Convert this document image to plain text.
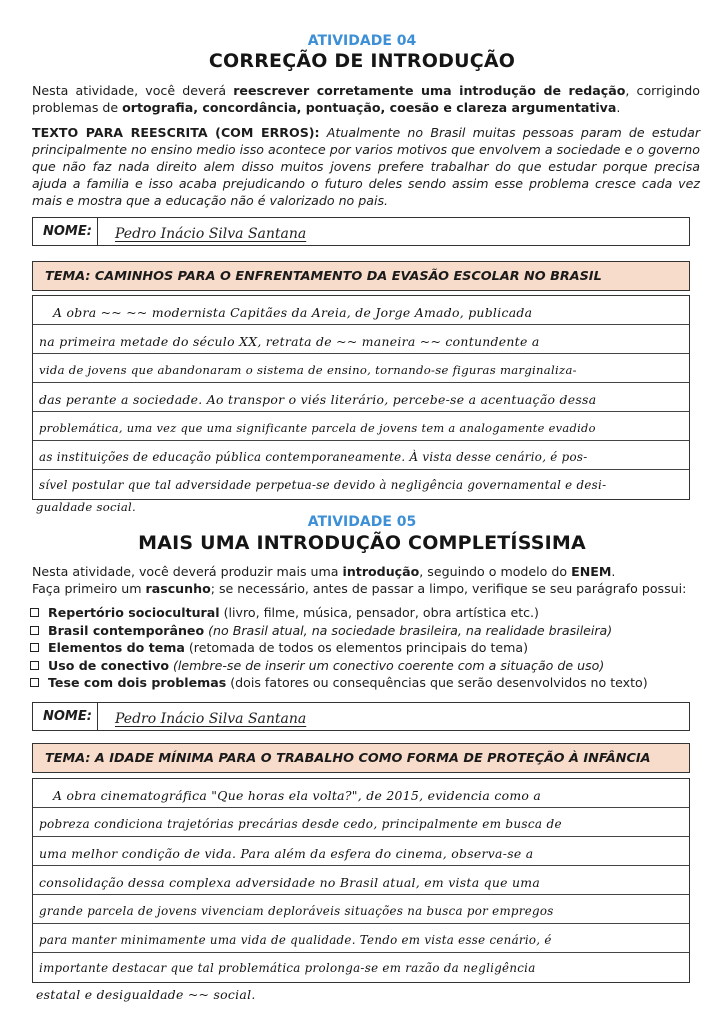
ATIVIDADE 04
CORREÇÃO DE INTRODUÇÃO
Nesta atividade, você deverá reescrever corretamente uma introdução de redação, corrigindo
problemas de ortografia, concordância, pontuação, coesão e clareza argumentativa.
TEXTO PARA REESCRITA (COM ERROS): Atualmente no Brasil muitas pessoas param de estudar
principalmente no ensino medio isso acontece por varios motivos que envolvem a sociedade e o governo
que não faz nada direito alem disso muitos jovens prefere trabalhar do que estudar porque precisa
ajuda a familia e isso acaba prejudicando o futuro deles sendo assim esse problema cresce cada vez
mais e mostra que a educação não é valorizado no pais.
NOME:	Pedro Inácio Silva Santana
TEMA: CAMINHOS PARA O ENFRENTAMENTO DA EVASÃO ESCOLAR NO BRASIL
A obra ~~ ~~ modernista Capitães da Areia, de Jorge Amado, publicada
na primeira metade do século XX, retrata de ~~ maneira ~~ contundente a
vida de jovens que abandonaram o sistema de ensino, tornando-se figuras marginaliza-
das perante a sociedade. Ao transpor o viés literário, percebe-se a acentuação dessa
problemática, uma vez que uma significante parcela de jovens tem a analogamente evadido
as instituições de educação pública contemporaneamente. À vista desse cenário, é pos-
sível postular que tal adversidade perpetua-se devido à negligência governamental e desi-
gualdade social.
ATIVIDADE 05
MAIS UMA INTRODUÇÃO COMPLETÍSSIMA
Nesta atividade, você deverá produzir mais uma introdução, seguindo o modelo do ENEM.
Faça primeiro um rascunho; se necessário, antes de passar a limpo, verifique se seu parágrafo possui:
Repertório sociocultural (livro, filme, música, pensador, obra artística etc.)
Brasil contemporâneo (no Brasil atual, na sociedade brasileira, na realidade brasileira)
Elementos do tema (retomada de todos os elementos principais do tema)
Uso de conectivo (lembre-se de inserir um conectivo coerente com a situação de uso)
Tese com dois problemas (dois fatores ou consequências que serão desenvolvidos no texto)
NOME:	Pedro Inácio Silva Santana
TEMA: A IDADE MÍNIMA PARA O TRABALHO COMO FORMA DE PROTEÇÃO À INFÂNCIA
A obra cinematográfica "Que horas ela volta?", de 2015, evidencia como a
pobreza condiciona trajetórias precárias desde cedo, principalmente em busca de
uma melhor condição de vida. Para além da esfera do cinema, observa-se a
consolidação dessa complexa adversidade no Brasil atual, em vista que uma
grande parcela de jovens vivenciam deploráveis situações na busca por empregos
para manter minimamente uma vida de qualidade. Tendo em vista esse cenário, é
importante destacar que tal problemática prolonga-se em razão da negligência
estatal e desigualdade ~~ social.
